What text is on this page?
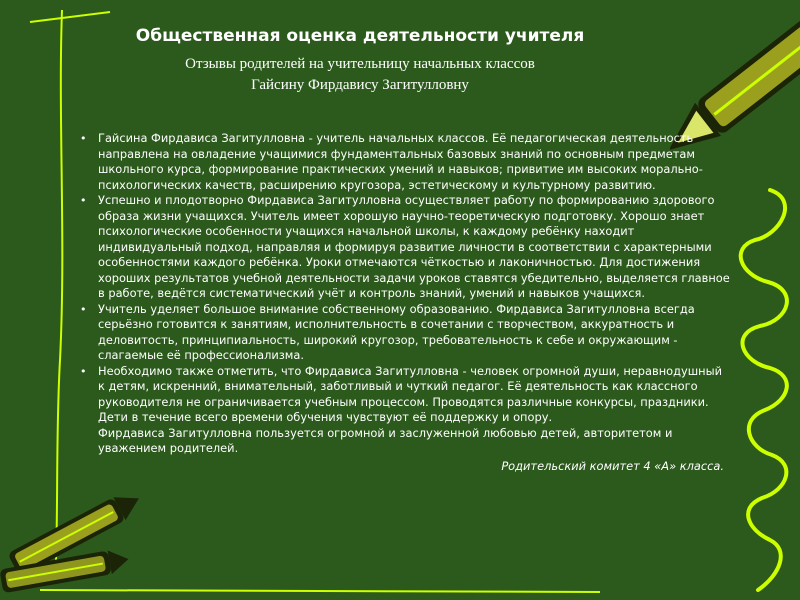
Общественная оценка деятельности учителя
Отзывы родителей на учительницу начальных классов
Гайсину Фирдавису Загитулловну

• Гайсина Фирдависа Загитулловна - учитель начальных классов. Её педагогическая деятельность направлена на овладение учащимися фундаментальных базовых знаний по основным предметам школьного курса, формирование практических умений и навыков; привитие им высоких морально-психологических качеств, расширению кругозора, эстетическому и культурному развитию.

• Успешно и плодотворно Фирдависа Загитулловна осуществляет работу по формированию здорового образа жизни учащихся. Учитель имеет хорошую научно-теоретическую подготовку. Хорошо знает психологические особенности учащихся начальной школы, к каждому ребёнку находит индивидуальный подход, направляя и формируя развитие личности в соответствии с характерными особенностями каждого ребёнка. Уроки отмечаются чёткостью и лаконичностью. Для достижения хороших результатов учебной деятельности задачи уроков ставятся убедительно, выделяется главное в работе, ведётся систематический учёт и контроль знаний, умений и навыков учащихся.

• Учитель уделяет большое внимание собственному образованию. Фирдависа Загитулловна всегда серьёзно готовится к занятиям, исполнительность в сочетании с творчеством, аккуратность и деловитость, принципиальность, широкий кругозор, требовательность к себе и окружающим - слагаемые её профессионализма.

• Необходимо также отметить, что Фирдависа Загитулловна - человек огромной души, неравнодушный к детям, искренний, внимательный, заботливый и чуткий педагог. Её деятельность как классного руководителя не ограничивается учебным процессом. Проводятся различные конкурсы, праздники. Дети в течение всего времени обучения чувствуют её поддержку и опору.

Фирдависа Загитулловна пользуется огромной и заслуженной любовью детей, авторитетом и уважением родителей.

Родительский комитет 4 «А» класса.
